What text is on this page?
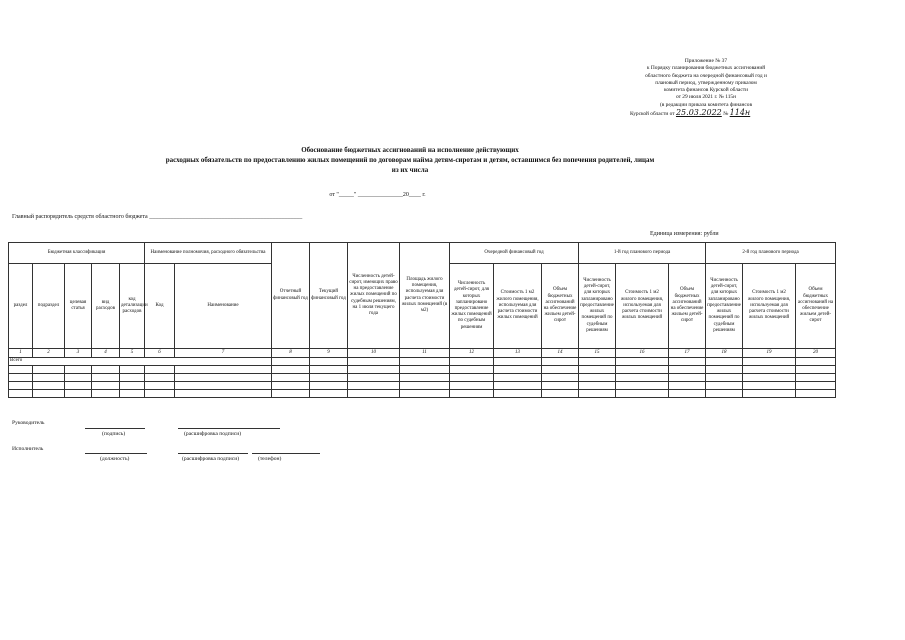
Приложение № 37
к Порядку планирования бюджетных ассигнований
областного бюджета на очередной финансовый год и
плановый период, утвержденному приказом
комитета финансов Курской области
от 29 июля 2021 г. № 115н
(в редакции приказа комитета финансов
Курской области от 25.03.2022 № 114н
Обоснование бюджетных ассигнований на исполнение действующих
расходных обязательств по предоставлению жилых помещений по договорам найма детям-сиротам и детям, оставшимся без попечения родителей, лицам
из их числа
от "_____" _______________20____ г.
Главный распорядитель средств областного бюджета ___________________________________________________
Единица измерения: рубли
Бюджетная классификация					Наименование полномочия, расходного обязательства		Отчетный финансовый год	Текущий финансовый год	Численность детей-сирот, имеющих право на предоставление жилых помещений по судебным решениям, на 1 июля текущего года	Площадь жилого помещения, используемая для расчета стоимости жилых помещений (в м2)	Очередной финансовый год			1-й год планового периода			2-й год планового периода		
раздел	подраздел	целевая статья	вид расходов	код детализации расходов	Код	Наименование					Численность детей-сирот, для которых запланировано предоставление жилых помещений по судебным решениям	Стоимость 1 м2 жилого помещения, используемая для расчета стоимости жилых помещений	Объем бюджетных ассигнований на обеспечение жильем детей-сирот	Численность детей-сирот, для которых запланировано предоставление жилых помещений по судебным решениям	Стоимость 1 м2 жилого помещения, используемая для расчета стоимости жилых помещений	Объем бюджетных ассигнований на обеспечение жильем детей-сирот	Численность детей-сирот, для которых запланировано предоставление жилых помещений по судебным решениям	Стоимость 1 м2 жилого помещения, используемая для расчета стоимости жилых помещений	Объем бюджетных ассигнований на обеспечение жильем детей-сирот
1	2	3	4	5	6	7	8	9	10	11	12	13	14	15	16	17	18	19	20
Всего																			

Руководитель
(подпись)	(расшифровка подписи)
Исполнитель
(должность)	(расшифровка подписи)	(телефон)
